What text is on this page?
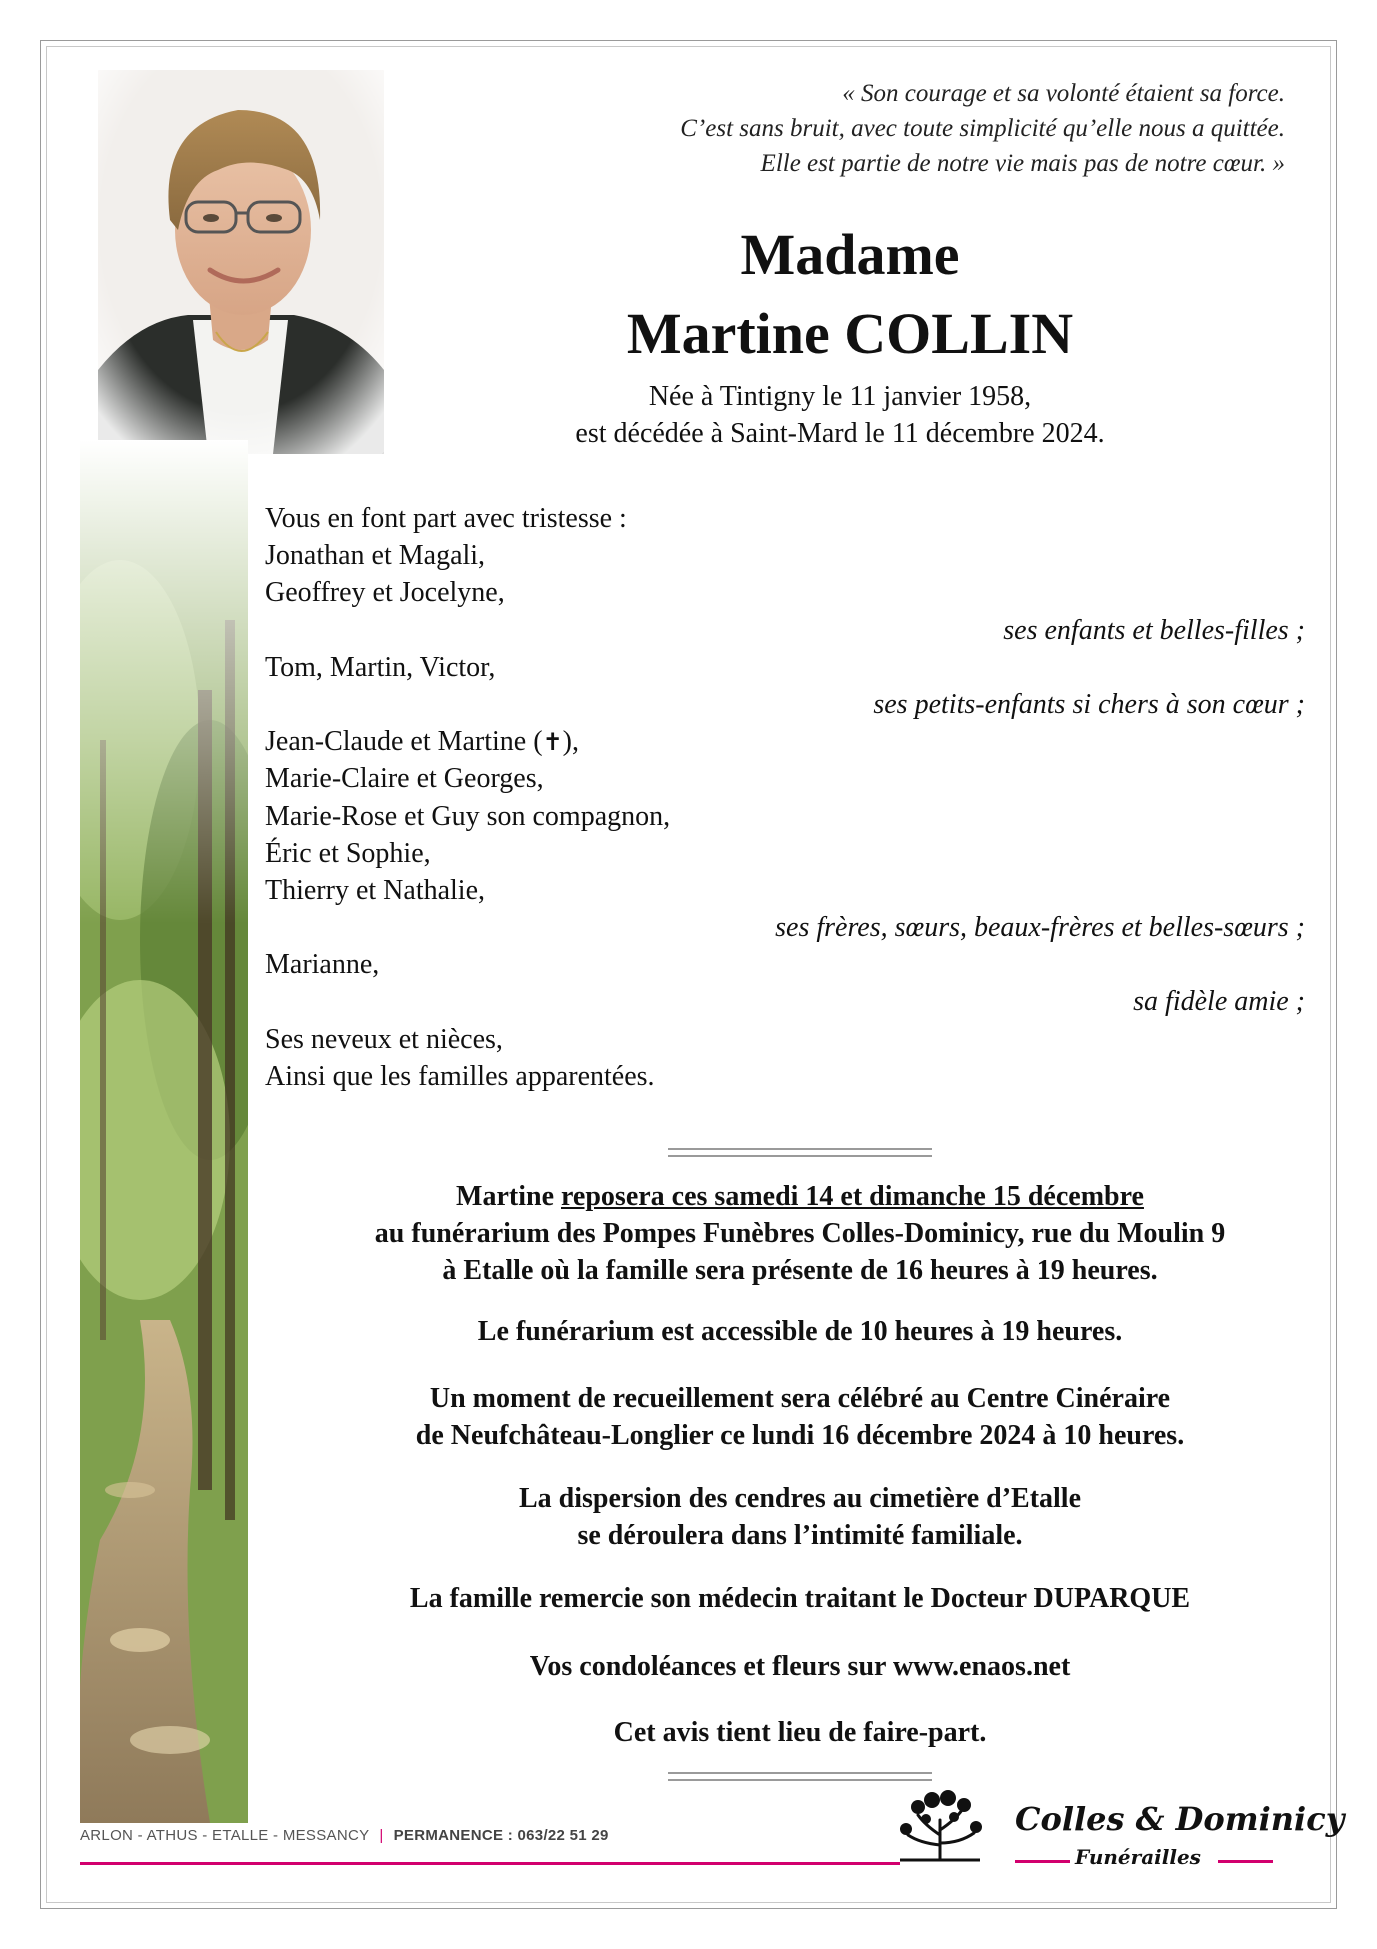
« Son courage et sa volonté étaient sa force.
C’est sans bruit, avec toute simplicité qu’elle nous a quittée.
Elle est partie de notre vie mais pas de notre cœur. »
Madame
Martine COLLIN
Née à Tintigny le 11 janvier 1958,
est décédée à Saint-Mard le 11 décembre 2024.
Vous en font part avec tristesse :
Jonathan et Magali,
Geoffrey et Jocelyne,
ses enfants et belles-filles ;
Tom, Martin, Victor,
ses petits-enfants si chers à son cœur ;
Jean-Claude et Martine (✝),
Marie-Claire et Georges,
Marie-Rose et Guy son compagnon,
Éric et Sophie,
Thierry et Nathalie,
ses frères, sœurs, beaux-frères et belles-sœurs ;
Marianne,
sa fidèle amie ;
Ses neveux et nièces,
Ainsi que les familles apparentées.
Martine reposera ces samedi 14 et dimanche 15 décembre
au funérarium des Pompes Funèbres Colles-Dominicy, rue du Moulin 9
à Etalle où la famille sera présente de 16 heures à 19 heures.
Le funérarium est accessible de 10 heures à 19 heures.
Un moment de recueillement sera célébré au Centre Cinéraire
de Neufchâteau-Longlier ce lundi 16 décembre 2024 à 10 heures.
La dispersion des cendres au cimetière d’Etalle
se déroulera dans l’intimité familiale.
La famille remercie son médecin traitant le Docteur DUPARQUE
Vos condoléances et fleurs sur www.enaos.net
Cet avis tient lieu de faire-part.
ARLON - ATHUS - ETALLE - MESSANCY | PERMANENCE : 063/22 51 29	Colles & Dominicy
Funérailles
